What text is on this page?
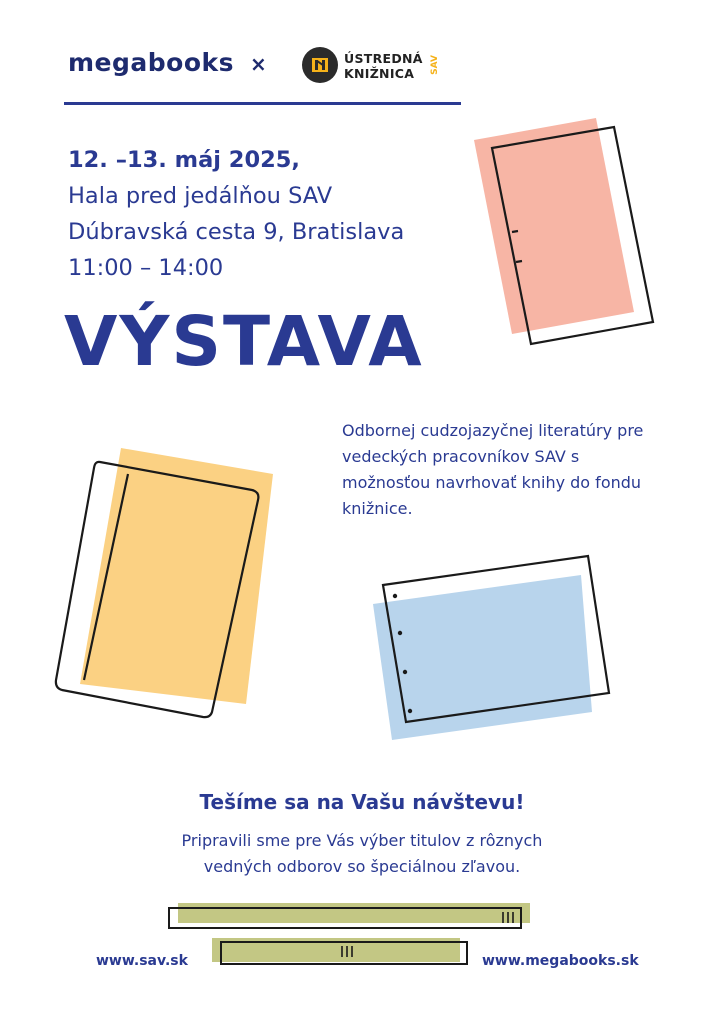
megabooks ×	ÚSTREDNÁ
KNIŽNICA	SAV
12. –13. máj 2025,
Hala pred jedálňou SAV
Dúbravská cesta 9, Bratislava
11:00 – 14:00
VÝSTAVA
Odbornej cudzojazyčnej literatúry pre vedeckých pracovníkov SAV s možnosťou navrhovať knihy do fondu knižnice.
Tešíme sa na Vašu návštevu!
Pripravili sme pre Vás výber titulov z rôznych
vedných odborov so špeciálnou zľavou.
www.sav.sk	www.megabooks.sk
